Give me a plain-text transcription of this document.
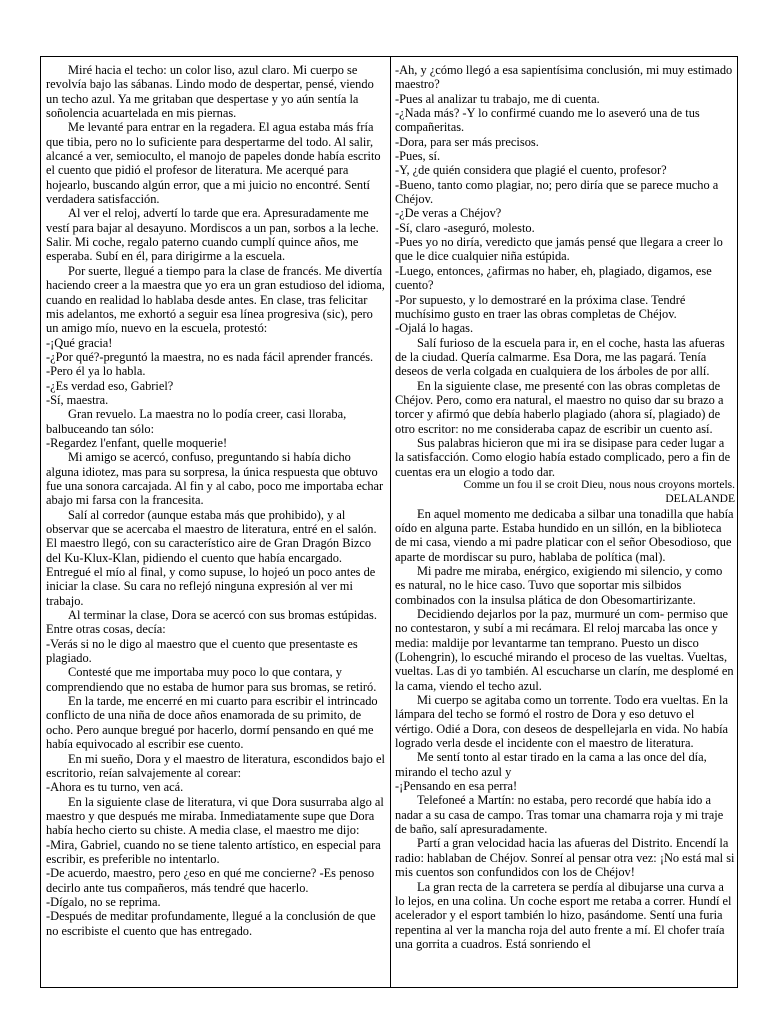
Miré hacia el techo: un color liso, azul claro. Mi cuerpo se revolvía bajo las sábanas. Lindo modo de despertar, pensé, viendo un techo azul. Ya me gritaban que despertase y yo aún sentía la soñolencia acuartelada en mis piernas.

Me levanté para entrar en la regadera. El agua estaba más fría que tibia, pero no lo suficiente para despertarme del todo. Al salir, alcancé a ver, semioculto, el manojo de papeles donde había escrito el cuento que pidió el profesor de literatura. Me acerqué para hojearlo, buscando algún error, que a mi juicio no encontré. Sentí verdadera satisfacción.

Al ver el reloj, advertí lo tarde que era. Apresuradamente me vestí para bajar al desayuno. Mordiscos a un pan, sorbos a la leche. Salir. Mi coche, regalo paterno cuando cumplí quince años, me esperaba. Subí en él, para dirigirme a la escuela.

Por suerte, llegué a tiempo para la clase de francés. Me divertía haciendo creer a la maestra que yo era un gran estudioso del idioma, cuando en realidad lo hablaba desde antes. En clase, tras felicitar mis adelantos, me exhortó a seguir esa línea progresiva (sic), pero un amigo mío, nuevo en la escuela, protestó:

-¡Qué gracia!

-¿Por qué?-preguntó la maestra, no es nada fácil aprender francés.

-Pero él ya lo habla.

-¿Es verdad eso, Gabriel?

-Sí, maestra.

Gran revuelo. La maestra no lo podía creer, casi lloraba, balbuceando tan sólo:

-Regardez l'enfant, quelle moquerie!

Mi amigo se acercó, confuso, preguntando si había dicho alguna idiotez, mas para su sorpresa, la única respuesta que obtuvo fue una sonora carcajada. Al fin y al cabo, poco me importaba echar abajo mi farsa con la francesita.

Salí al corredor (aunque estaba más que prohibido), y al observar que se acercaba el maestro de literatura, entré en el salón. El maestro llegó, con su característico aire de Gran Dragón Bizco del Ku-Klux-Klan, pidiendo el cuento que había encargado. Entregué el mío al final, y como supuse, lo hojeó un poco antes de iniciar la clase. Su cara no reflejó ninguna expresión al ver mi trabajo.

Al terminar la clase, Dora se acercó con sus bromas estúpidas. Entre otras cosas, decía:

-Verás si no le digo al maestro que el cuento que presentaste es plagiado.

Contesté que me importaba muy poco lo que contara, y comprendiendo que no estaba de humor para sus bromas, se retiró.

En la tarde, me encerré en mi cuarto para escribir el intrincado conflicto de una niña de doce años enamorada de su primito, de ocho. Pero aunque bregué por hacerlo, dormí pensando en qué me había equivocado al escribir ese cuento.

En mi sueño, Dora y el maestro de literatura, escondidos bajo el escritorio, reían salvajemente al corear:

-Ahora es tu turno, ven acá.

En la siguiente clase de literatura, vi que Dora susurraba algo al maestro y que después me miraba. Inmediatamente supe que Dora había hecho cierto su chiste. A media clase, el maestro me dijo:

-Mira, Gabriel, cuando no se tiene talento artístico, en especial para escribir, es preferible no intentarlo.

-De acuerdo, maestro, pero ¿eso en qué me concierne? -Es penoso decirlo ante tus compañeros, más tendré que hacerlo.

-Dígalo, no se reprima.

-Después de meditar profundamente, llegué a la conclusión de que no escribiste el cuento que has entregado.

-Ah, y ¿cómo llegó a esa sapientísima conclusión, mi muy estimado maestro?

-Pues al analizar tu trabajo, me di cuenta.

-¿Nada más? -Y lo confirmé cuando me lo aseveró una de tus compañeritas.

-Dora, para ser más precisos.

-Pues, sí.

-Y, ¿de quién considera que plagié el cuento, profesor?

-Bueno, tanto como plagiar, no; pero diría que se parece mucho a Chéjov.

-¿De veras a Chéjov?

-Sí, claro -aseguró, molesto.

-Pues yo no diría, veredicto que jamás pensé que llegara a creer lo que le dice cualquier niña estúpida.

-Luego, entonces, ¿afirmas no haber, eh, plagiado, digamos, ese cuento?

-Por supuesto, y lo demostraré en la próxima clase. Tendré muchísimo gusto en traer las obras completas de Chéjov.

-Ojalá lo hagas.

Salí furioso de la escuela para ir, en el coche, hasta las afueras de la ciudad. Quería calmarme. Esa Dora, me las pagará. Tenía deseos de verla colgada en cualquiera de los árboles de por allí.

En la siguiente clase, me presenté con las obras completas de Chéjov. Pero, como era natural, el maestro no quiso dar su brazo a torcer y afirmó que debía haberlo plagiado (ahora sí, plagiado) de otro escritor: no me consideraba capaz de escribir un cuento así.

Sus palabras hicieron que mi ira se disipase para ceder lugar a la satisfacción. Como elogio había estado complicado, pero a fin de cuentas era un elogio a todo dar.

Comme un fou il se croit Dieu, nous nous croyons mortels.

DELALANDE

En aquel momento me dedicaba a silbar una tonadilla que había oído en alguna parte. Estaba hundido en un sillón, en la biblioteca de mi casa, viendo a mi padre platicar con el señor Obesodioso, que aparte de mordiscar su puro, hablaba de política (mal).

Mi padre me miraba, enérgico, exigiendo mi silencio, y como es natural, no le hice caso. Tuvo que soportar mis silbidos combinados con la insulsa plática de don Obesomartirizante.

Decidiendo dejarlos por la paz, murmuré un com- permiso que no contestaron, y subí a mi recámara. El reloj marcaba las once y media: maldije por levantarme tan temprano. Puesto un disco (Lohengrin), lo escuché mirando el proceso de las vueltas. Vueltas, vueltas. Las di yo también. Al escucharse un clarín, me desplomé en la cama, viendo el techo azul.

Mi cuerpo se agitaba como un torrente. Todo era vueltas. En la lámpara del techo se formó el rostro de Dora y eso detuvo el vértigo. Odié a Dora, con deseos de despellejarla en vida. No había logrado verla desde el incidente con el maestro de literatura.

Me sentí tonto al estar tirado en la cama a las once del día, mirando el techo azul y

-¡Pensando en esa perra!

Telefoneé a Martín: no estaba, pero recordé que había ido a nadar a su casa de campo. Tras tomar una chamarra roja y mi traje de baño, salí apresuradamente.

Partí a gran velocidad hacia las afueras del Distrito. Encendí la radio: hablaban de Chéjov. Sonreí al pensar otra vez: ¡No está mal si mis cuentos son confundidos con los de Chéjov!

La gran recta de la carretera se perdía al dibujarse una curva a lo lejos, en una colina. Un coche esport me retaba a correr. Hundí el acelerador y el esport también lo hizo, pasándome. Sentí una furia repentina al ver la mancha roja del auto frente a mí. El chofer traía una gorrita a cuadros. Está sonriendo el
